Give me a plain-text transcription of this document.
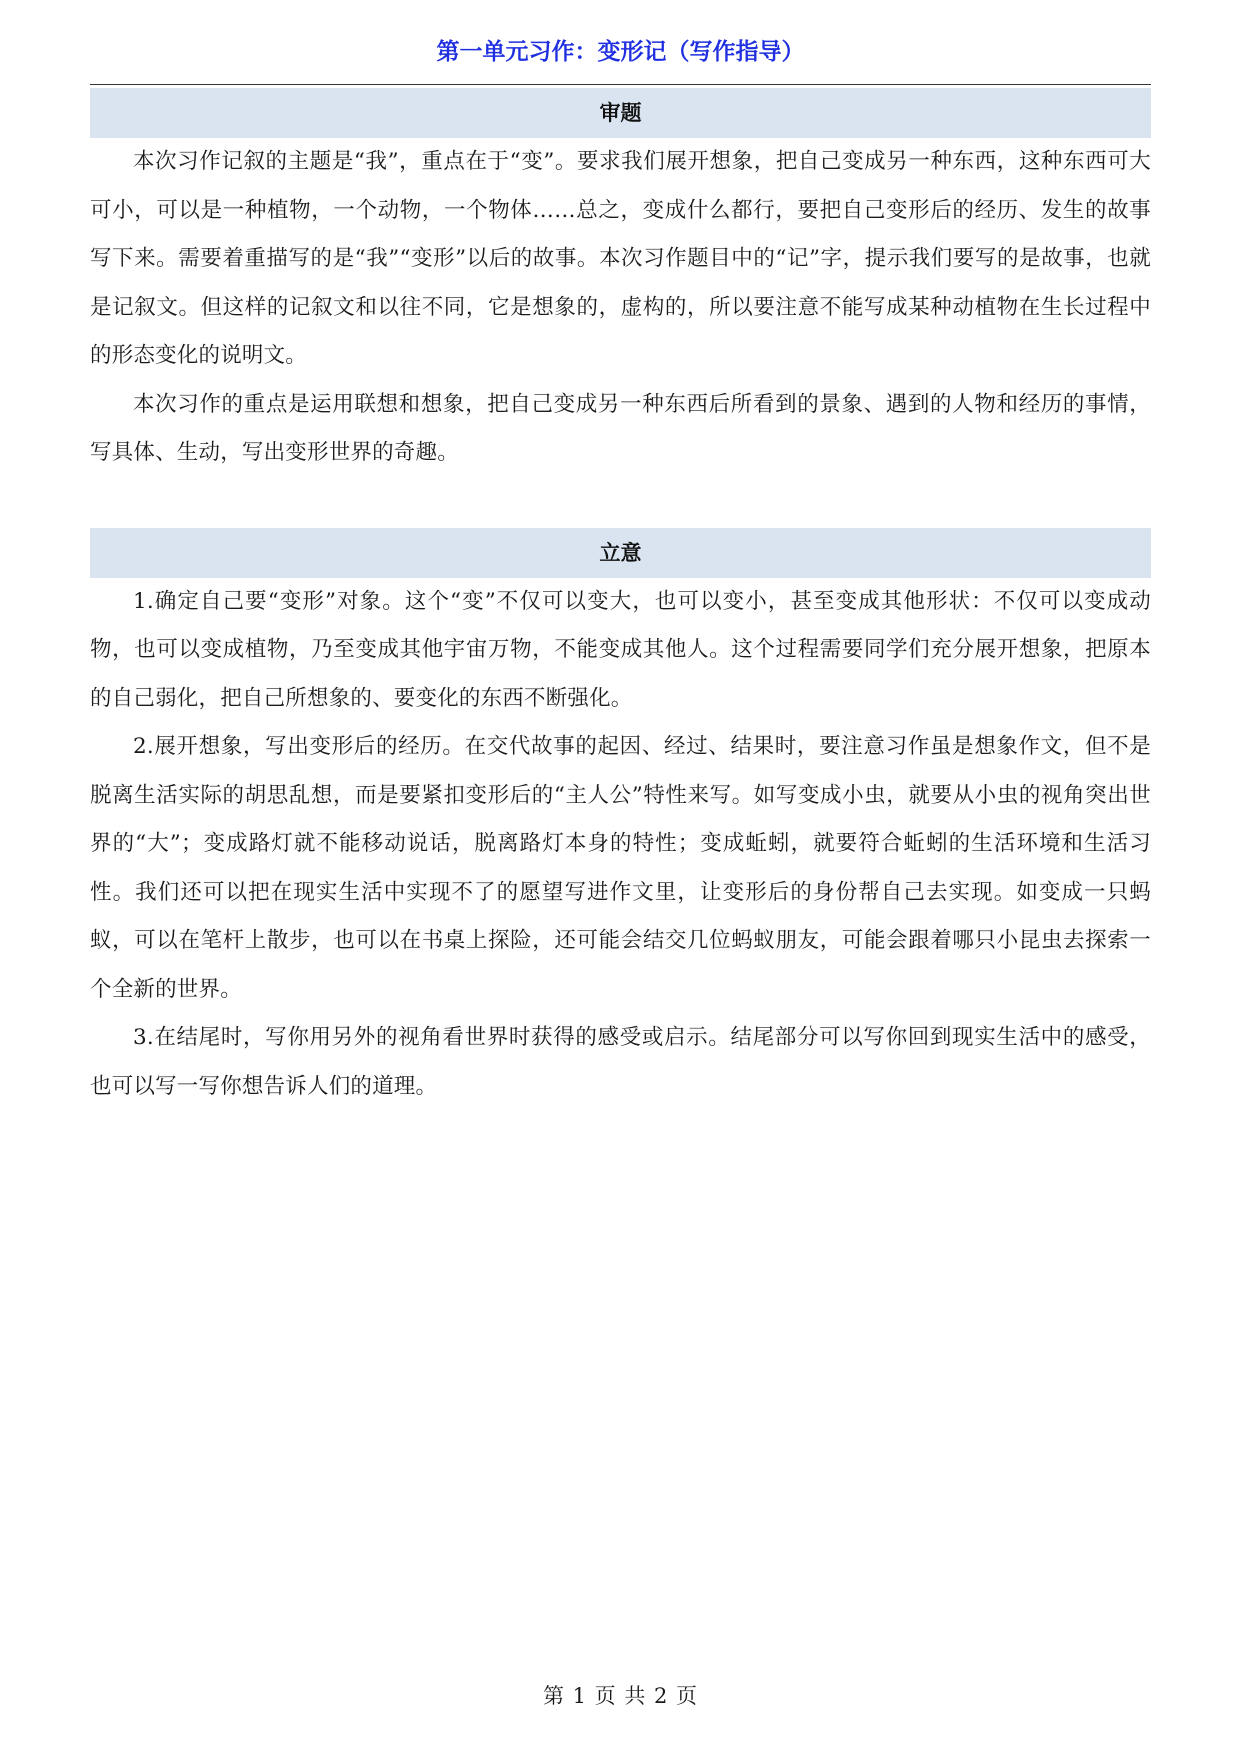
第一单元习作：变形记（写作指导）
审题

本次习作记叙的主题是“我”，重点在于“变”。要求我们展开想象，把自己变成另一种东西，这种东西可大可小，可以是一种植物，一个动物，一个物体……总之，变成什么都行，要把自己变形后的经历、发生的故事写下来。需要着重描写的是“我”“变形”以后的故事。本次习作题目中的“记”字，提示我们要写的是故事，也就是记叙文。但这样的记叙文和以往不同，它是想象的，虚构的，所以要注意不能写成某种动植物在生长过程中的形态变化的说明文。

本次习作的重点是运用联想和想象，把自己变成另一种东西后所看到的景象、遇到的人物和经历的事情，写具体、生动，写出变形世界的奇趣。

立意

1.确定自己要“变形”对象。这个“变”不仅可以变大，也可以变小，甚至变成其他形状：不仅可以变成动物，也可以变成植物，乃至变成其他宇宙万物，不能变成其他人。这个过程需要同学们充分展开想象，把原本的自己弱化，把自己所想象的、要变化的东西不断强化。

2.展开想象，写出变形后的经历。在交代故事的起因、经过、结果时，要注意习作虽是想象作文，但不是脱离生活实际的胡思乱想，而是要紧扣变形后的“主人公”特性来写。如写变成小虫，就要从小虫的视角突出世界的“大”；变成路灯就不能移动说话，脱离路灯本身的特性；变成蚯蚓，就要符合蚯蚓的生活环境和生活习性。我们还可以把在现实生活中实现不了的愿望写进作文里，让变形后的身份帮自己去实现。如变成一只蚂蚁，可以在笔杆上散步，也可以在书桌上探险，还可能会结交几位蚂蚁朋友，可能会跟着哪只小昆虫去探索一个全新的世界。

3.在结尾时，写你用另外的视角看世界时获得的感受或启示。结尾部分可以写你回到现实生活中的感受，也可以写一写你想告诉人们的道理。

第 1 页 共 2 页
